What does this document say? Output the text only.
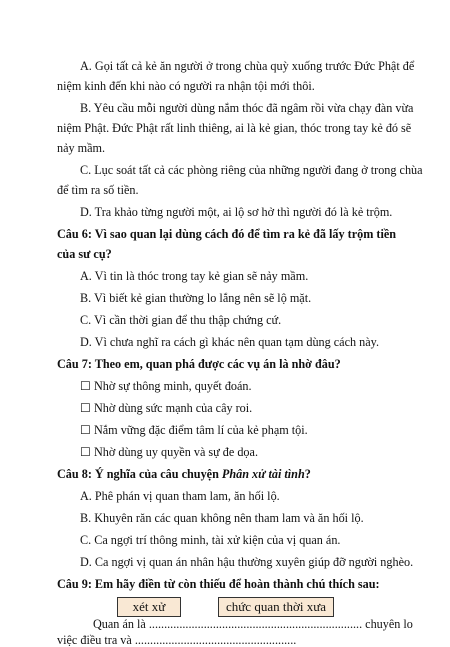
A. Gọi tất cả kẻ ăn người ở trong chùa quỳ xuống trước Đức Phật để
niệm kinh đến khi nào có người ra nhận tội mới thôi.
B. Yêu cầu mỗi người dùng nắm thóc đã ngâm rồi vừa chạy đàn vừa
niệm Phật. Đức Phật rất linh thiêng, ai là kẻ gian, thóc trong tay kẻ đó sẽ
nảy mầm.
C. Lục soát tất cả các phòng riêng của những người đang ở trong chùa
để tìm ra số tiền.
D. Tra khảo từng người một, ai lộ sơ hở thì người đó là kẻ trộm.
Câu 6: Vì sao quan lại dùng cách đó để tìm ra kẻ đã lấy trộm tiền
của sư cụ?
A. Vì tin là thóc trong tay kẻ gian sẽ nảy mầm.
B. Vì biết kẻ gian thường lo lắng nên sẽ lộ mặt.
C. Vì cần thời gian để thu thập chứng cứ.
D. Vì chưa nghĩ ra cách gì khác nên quan tạm dùng cách này.
Câu 7: Theo em, quan phá được các vụ án là nhờ đâu?
☐ Nhờ sự thông minh, quyết đoán.
☐ Nhờ dùng sức mạnh của cây roi.
☐ Nắm vững đặc điểm tâm lí của kẻ phạm tội.
☐ Nhờ dùng uy quyền và sự đe dọa.
Câu 8: Ý nghĩa của câu chuyện Phân xử tài tình?
A. Phê phán vị quan tham lam, ăn hối lộ.
B. Khuyên răn các quan không nên tham lam và ăn hối lộ.
C. Ca ngợi trí thông minh, tài xử kiện của vị quan án.
D. Ca ngợi vị quan án nhân hậu thường xuyên giúp đỡ người nghèo.
Câu 9: Em hãy điền từ còn thiếu để hoàn thành chú thích sau:
xét xử	chức quan thời xưa
Quan án là ...................................................................... chuyên lo
việc điều tra và .....................................................
